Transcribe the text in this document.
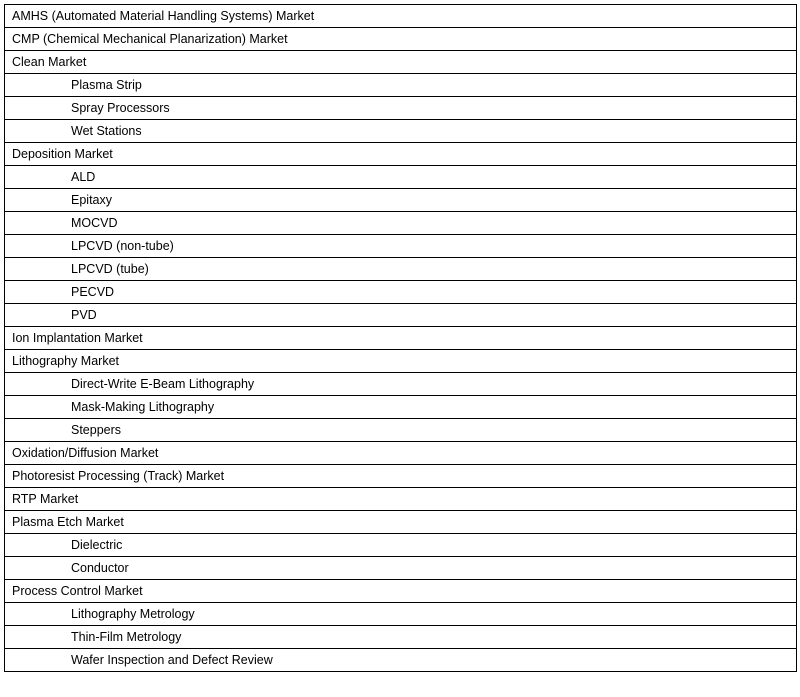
AMHS (Automated Material Handling Systems) Market
CMP (Chemical Mechanical Planarization) Market
Clean Market
Plasma Strip
Spray Processors
Wet Stations
Deposition Market
ALD
Epitaxy
MOCVD
LPCVD (non-tube)
LPCVD (tube)
PECVD
PVD
Ion Implantation Market
Lithography Market
Direct-Write E-Beam Lithography
Mask-Making Lithography
Steppers
Oxidation/Diffusion Market
Photoresist Processing (Track) Market
RTP Market
Plasma Etch Market
Dielectric
Conductor
Process Control Market
Lithography Metrology
Thin-Film Metrology
Wafer Inspection and Defect Review
